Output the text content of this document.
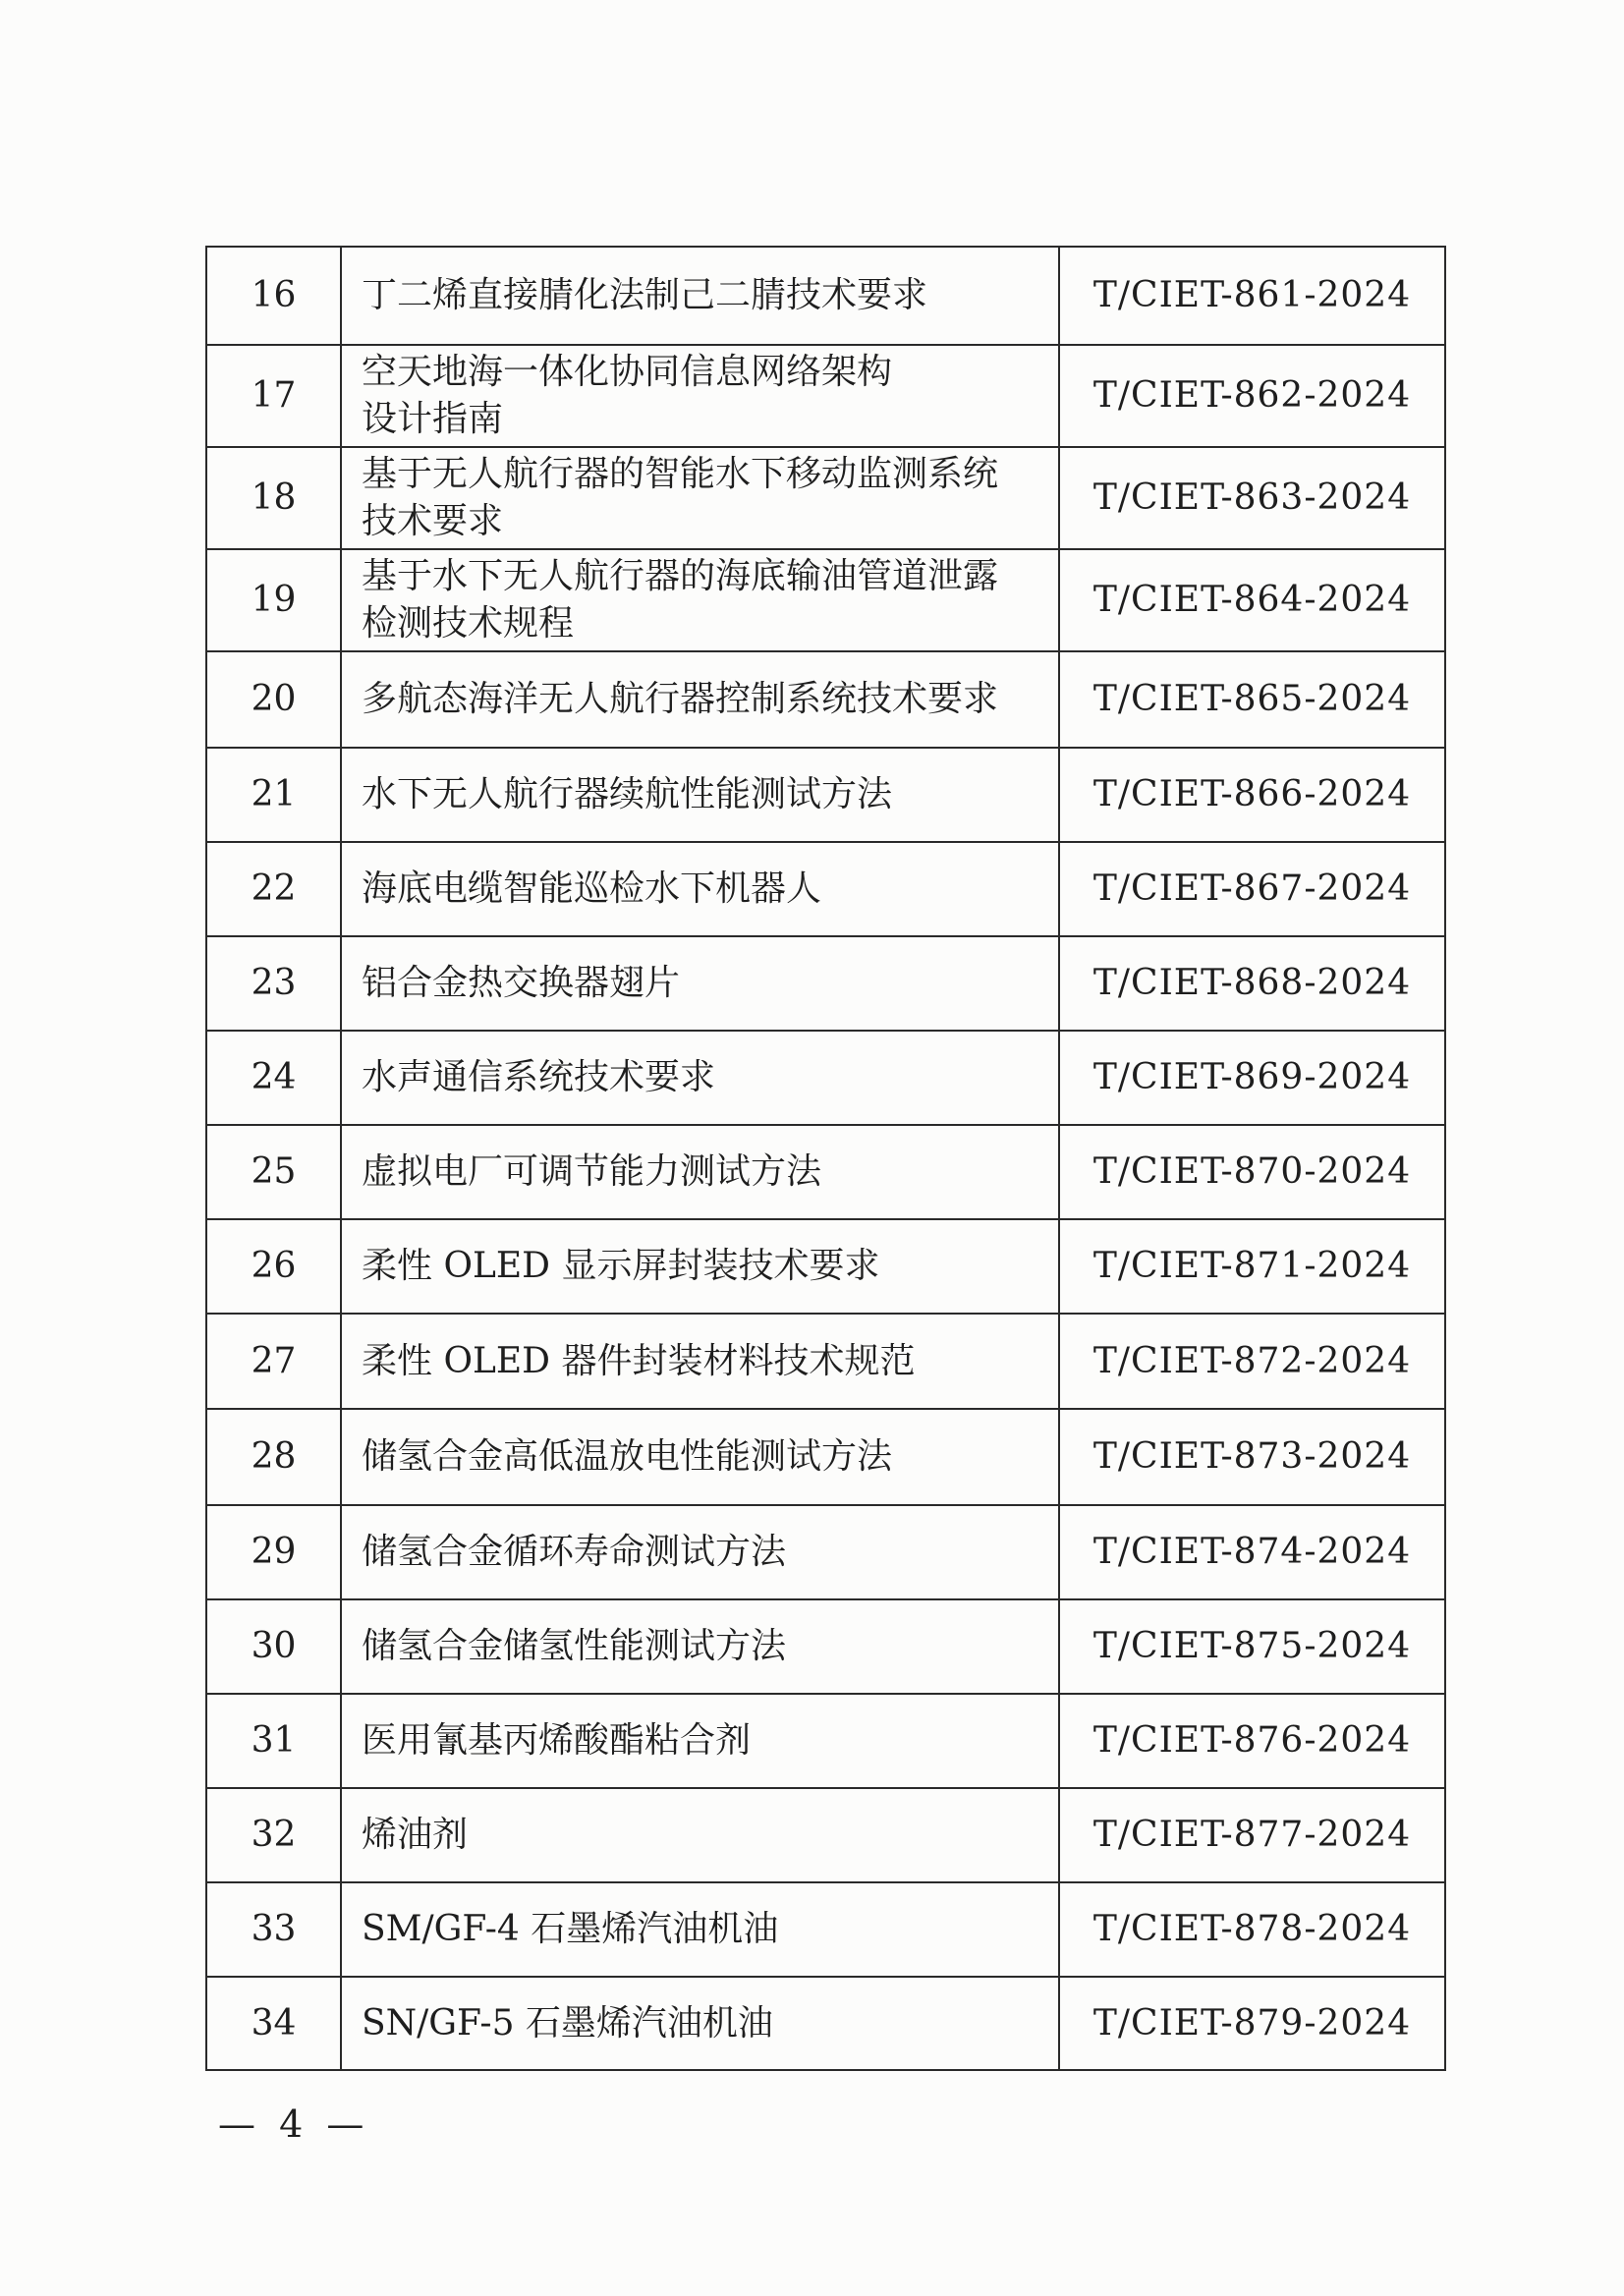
16	丁二烯直接腈化法制己二腈技术要求	T/CIET-861-2024
17	空天地海一体化协同信息网络架构
设计指南	T/CIET-862-2024
18	基于无人航行器的智能水下移动监测系统
技术要求	T/CIET-863-2024
19	基于水下无人航行器的海底输油管道泄露
检测技术规程	T/CIET-864-2024
20	多航态海洋无人航行器控制系统技术要求	T/CIET-865-2024
21	水下无人航行器续航性能测试方法	T/CIET-866-2024
22	海底电缆智能巡检水下机器人	T/CIET-867-2024
23	铝合金热交换器翅片	T/CIET-868-2024
24	水声通信系统技术要求	T/CIET-869-2024
25	虚拟电厂可调节能力测试方法	T/CIET-870-2024
26	柔性 OLED 显示屏封装技术要求	T/CIET-871-2024
27	柔性 OLED 器件封装材料技术规范	T/CIET-872-2024
28	储氢合金高低温放电性能测试方法	T/CIET-873-2024
29	储氢合金循环寿命测试方法	T/CIET-874-2024
30	储氢合金储氢性能测试方法	T/CIET-875-2024
31	医用氰基丙烯酸酯粘合剂	T/CIET-876-2024
32	烯油剂	T/CIET-877-2024
33	SM/GF-4 石墨烯汽油机油	T/CIET-878-2024
34	SN/GF-5 石墨烯汽油机油	T/CIET-879-2024
— 4 —
